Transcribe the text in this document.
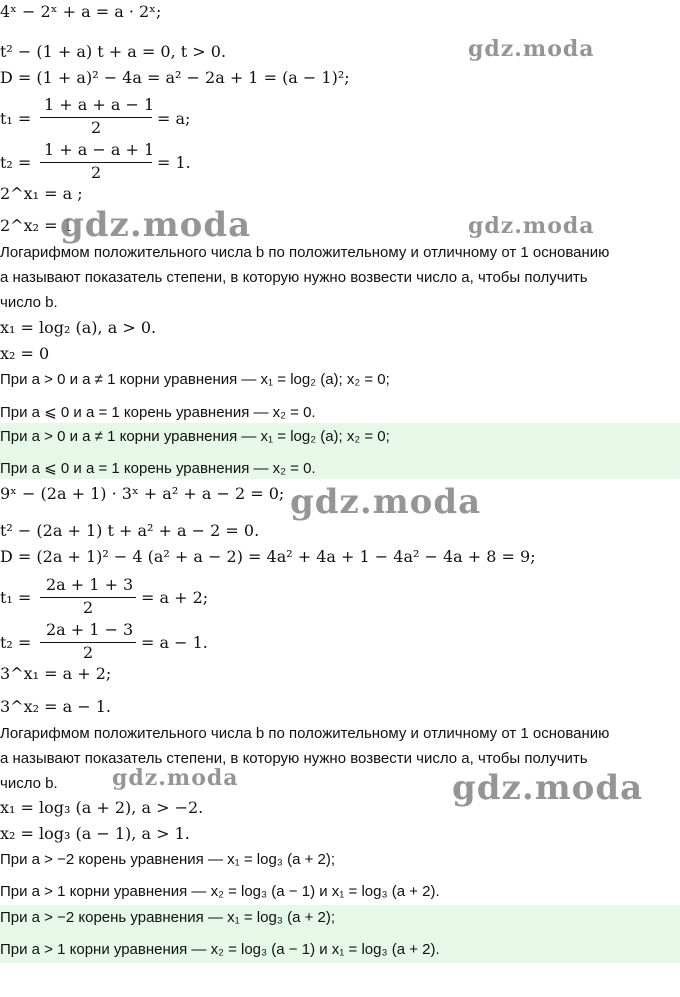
4ˣ − 2ˣ + a = a · 2ˣ;
t² − (1 + a) t + a = 0, t > 0.
D = (1 + a)² − 4a = a² − 2a + 1 = (a − 1)²;
t₁ =
1 + a + a − 1
2	= a;
t₂ =
1 + a − a + 1
2
= 1.
2^x₁ = a ;
2^x₂ = 1
Логарифмом положительного числа b по положительному и отличному от 1 основанию
a называют показатель степени, в которую нужно возвести число a, чтобы получить
число b.
x₁ = log₂ (a), a > 0.
x₂ = 0
При a > 0 и a ≠ 1 корни уравнения — x₁ = log₂ (a); x₂ = 0;
При a ⩽ 0 и a = 1 корень уравнения — x₂ = 0.
При a > 0 и a ≠ 1 корни уравнения — x₁ = log₂ (a); x₂ = 0;
При a ⩽ 0 и a = 1 корень уравнения — x₂ = 0.
9ˣ − (2a + 1) · 3ˣ + a² + a − 2 = 0;
t² − (2a + 1) t + a² + a − 2 = 0.
D = (2a + 1)² − 4 (a² + a − 2) = 4a² + 4a + 1 − 4a² − 4a + 8 = 9;
t₁ =
2a + 1 + 3
2
= a + 2;
t₂ =
2a + 1 − 3
2
= a − 1.
3^x₁ = a + 2;
3^x₂ = a − 1.
Логарифмом положительного числа b по положительному и отличному от 1 основанию
a называют показатель степени, в которую нужно возвести число a, чтобы получить
число b.
x₁ = log₃ (a + 2), a > −2.
x₂ = log₃ (a − 1), a > 1.
При a > −2 корень уравнения — x₁ = log₃ (a + 2);
При a > 1 корни уравнения — x₂ = log₃ (a − 1) и x₁ = log₃ (a + 2).
При a > −2 корень уравнения — x₁ = log₃ (a + 2);
При a > 1 корни уравнения — x₂ = log₃ (a − 1) и x₁ = log₃ (a + 2).
gdz.moda
gdz.moda	gdz.moda
gdz.moda
gdz.moda	gdz.moda
